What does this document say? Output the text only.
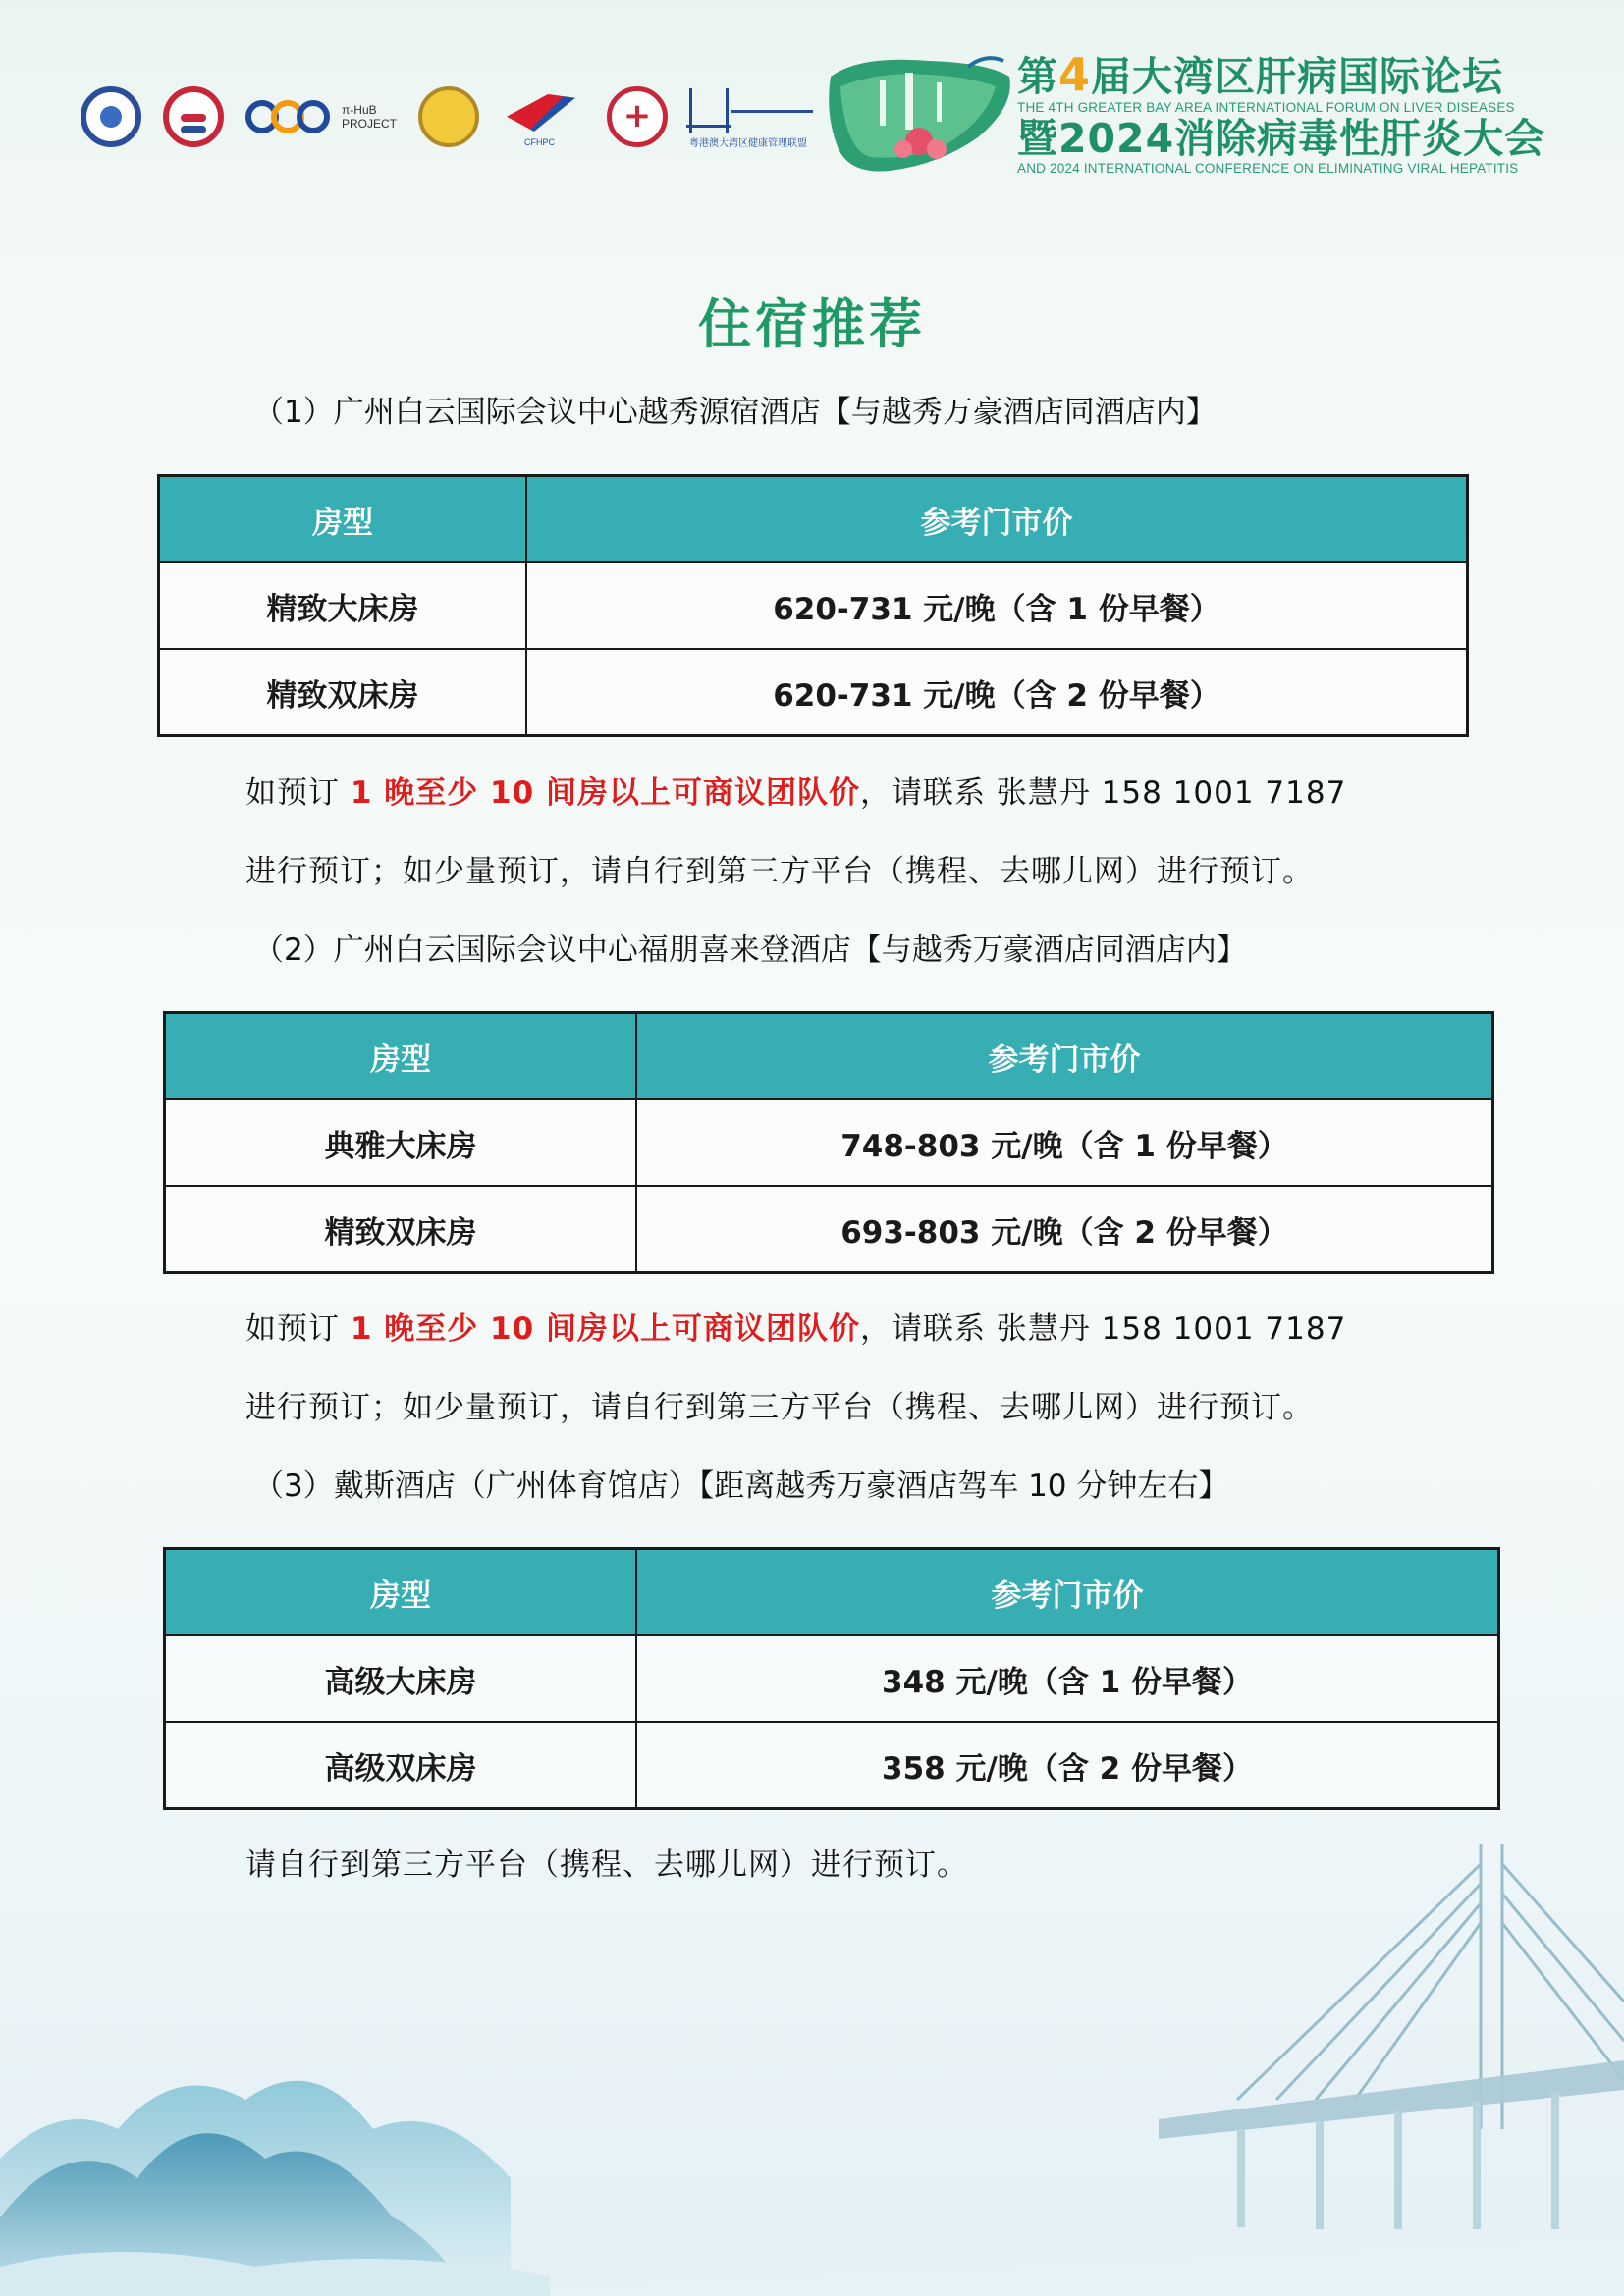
π-HuB
PROJECT
CFHPC +	粤港澳大湾区健康管理联盟
第4届大湾区肝病国际论坛
THE 4TH GREATER BAY AREA INTERNATIONAL FORUM ON LIVER DISEASES
暨2024消除病毒性肝炎大会
AND 2024 INTERNATIONAL CONFERENCE ON ELIMINATING VIRAL HEPATITIS
住宿推荐
（1）广州白云国际会议中心越秀源宿酒店【与越秀万豪酒店同酒店内】
房型	参考门市价
精致大床房	620-731 元/晚（含 1 份早餐）
精致双床房	620-731 元/晚（含 2 份早餐）
如预订 1 晚至少 10 间房以上可商议团队价，请联系 张慧丹 158 1001 7187
进行预订；如少量预订，请自行到第三方平台（携程、去哪儿网）进行预订。
（2）广州白云国际会议中心福朋喜来登酒店【与越秀万豪酒店同酒店内】
房型	参考门市价
典雅大床房	748-803 元/晚（含 1 份早餐）
精致双床房	693-803 元/晚（含 2 份早餐）
如预订 1 晚至少 10 间房以上可商议团队价，请联系 张慧丹 158 1001 7187
进行预订；如少量预订，请自行到第三方平台（携程、去哪儿网）进行预订。
（3）戴斯酒店（广州体育馆店）【距离越秀万豪酒店驾车 10 分钟左右】
房型	参考门市价
高级大床房	348 元/晚（含 1 份早餐）
高级双床房	358 元/晚（含 2 份早餐）
请自行到第三方平台（携程、去哪儿网）进行预订。
